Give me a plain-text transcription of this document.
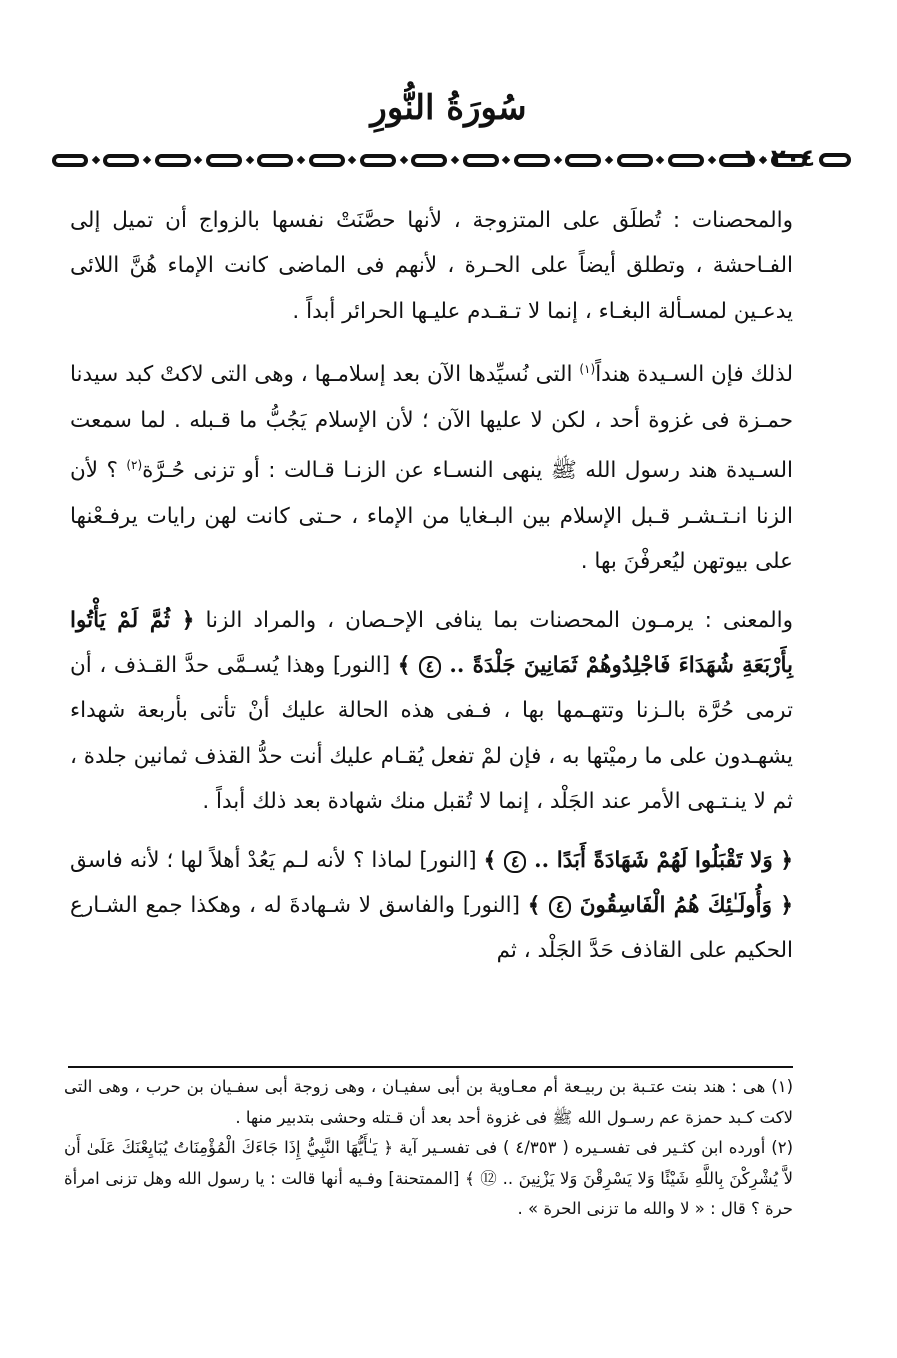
سُورَةُ النُّورِ
١٠٢٠٤

والمحصنات : تُطلَق على المتزوجة ، لأنها حصَّنَتْ نفسها بالزواج أن تميل إلى الفـاحشة ، وتطلق أيضاً على الحـرة ، لأنهم فى الماضى كانت الإماء هُنَّ اللائى يدعـين لمسـألة البغـاء ، إنما لا تـقـدم عليـها الحرائر أبداً .

لذلك فإن السـيدة هنداً$^{(١)}$ التى نُسيِّدها الآن بعد إسلامـها ، وهى التى لاكتْ كبد سيدنا حمـزة فى غزوة أحد ، لكن لا عليها الآن ؛ لأن الإسلام يَجُبُّ ما قـبله . لما سمعت السـيدة هند رسول الله ﷺ ينهى النسـاء عن الزنـا قـالت : أو تزنى حُـرَّة$^{(٢)}$ ؟ لأن الزنا انـتـشـر قـبل الإسلام بين البـغايا من الإماء ، حـتى كانت لهن رايات يرفـعْنها على بيوتهن ليُعرفْنَ بها .

والمعنى : يرمـون المحصنات بما ينافى الإحـصان ، والمراد الزنا ﴿ ثُمَّ لَمْ يَأْتُوا بِأَرْبَعَةِ شُهَدَاءَ فَاجْلِدُوهُمْ ثَمَانِينَ جَلْدَةً .. ٤ ﴾ [النور] وهذا يُسـمَّى حدَّ القـذف ، أن ترمى حُرَّة بالـزنا وتتهـمها بها ، فـفى هذه الحالة عليك أنْ تأتى بأربعة شهداء يشهـدون على ما رميْتها به ، فإن لمْ تفعل يُقـام عليك أنت حدُّ القذف ثمانين جلدة ، ثم لا ينـتـهى الأمر عند الجَلْد ، إنما لا تُقبل منك شهادة بعد ذلك أبداً .

﴿ وَلا تَقْبَلُوا لَهُمْ شَهَادَةً أَبَدًا .. ٤ ﴾ [النور] لماذا ؟ لأنه لـم يَعُدْ أهلاً لها ؛ لأنه فاسق ﴿ وَأُولَـٰئِكَ هُمُ الْفَاسِقُونَ ٤ ﴾ [النور] والفاسق لا شـهادةَ له ، وهكذا جمع الشـارع الحكيم على القاذف حَدَّ الجَلْد ، ثم

(١) هى : هند بنت عتـبة بن ربيـعة أم معـاوية بن أبى سفيـان ، وهى زوجة أبى سفـيان بن حرب ، وهى التى لاكت كـبد حمزة عم رسـول الله ﷺ فى غزوة أحد بعد أن قـتله وحشى بتدبير منها .

(٢) أورده ابن كثـير فى تفسـيره ( ٤/٣٥٣ ) فى تفسـير آية ﴿ يَـٰأَيُّهَا النَّبِيُّ إِذَا جَاءَكَ الْمُؤْمِنَاتُ يُبَايِعْنَكَ عَلَىٰ أَن لاَّ يُشْرِكْنَ بِاللَّهِ شَيْئًا وَلا يَسْرِقْنَ وَلا يَزْنِينَ .. ⑫ ﴾ [الممتحنة] وفـيه أنها قالت : يا رسول الله وهل تزنى امرأة حرة ؟ قال : « لا والله ما تزنى الحرة » .
